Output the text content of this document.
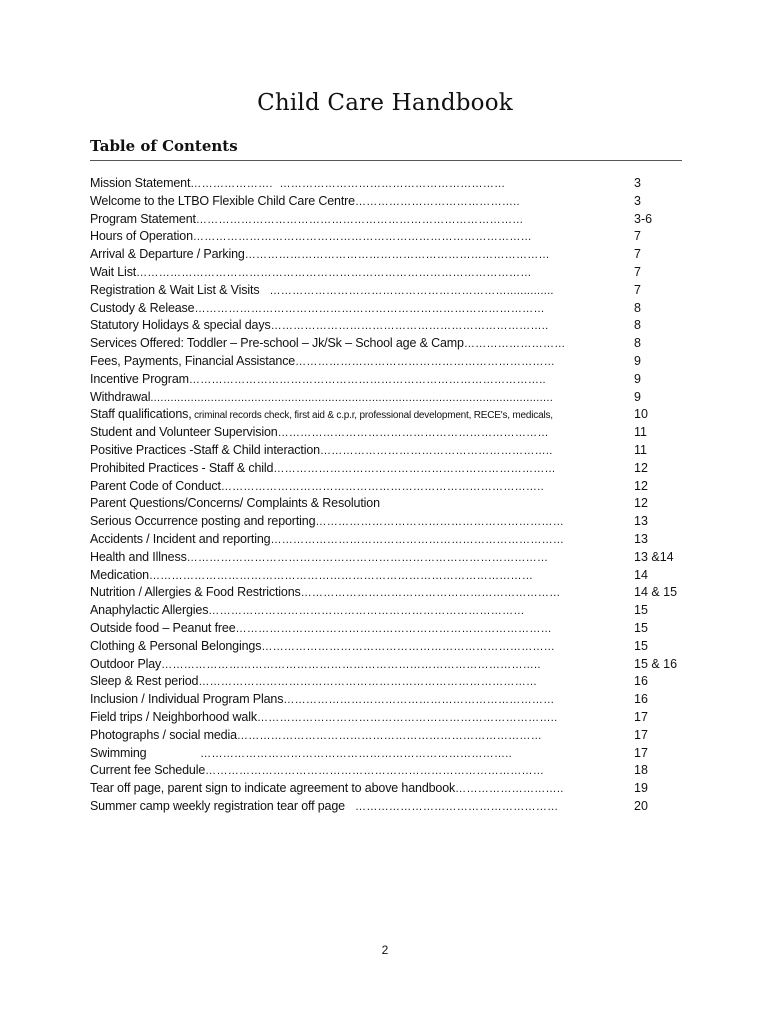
Child Care Handbook
Table of Contents
Mission Statement………………….  ……………………………………………………	3
Welcome to the LTBO Flexible Child Care Centre……………………………………..	3
Program Statement……………………………………………………………………………	3-6
Hours of Operation………………………………………………………………………………	7
Arrival & Departure / Parking………………………………………………………………………	7
Wait List……………………………………………………………………………………………	7
Registration & Wait List & Visits   ………………………………………………………..............	7
Custody & Release…………………………………………………………………………………	8
Statutory Holidays & special days………………………………………………………………..	8
Services Offered: Toddler – Pre-school – Jk/Sk – School age & Camp………………………	8
Fees, Payments, Financial Assistance……………………………………………………………	9
Incentive Program…………………………………………………………………………………..	9
Withdrawal........................................................................................................................	9
Staff qualifications, criminal records check, first aid & c.p.r, professional development, RECE's, medicals,	10
Student and Volunteer Supervision………………………………………………………………	11
Positive Practices -Staff & Child interaction……………………………………………………..	11
Prohibited Practices - Staff & child…………………………………………………………………	12
Parent Code of Conduct…………………………………………………………………………..	12
Parent Questions/Concerns/ Complaints & Resolution	12
Serious Occurrence posting and reporting…………………………………………………………	13
Accidents / Incident and reporting……………………………………………………………………	13
Health and Illness……………………………………………………………………………………	13 &14
Medication…………………………………………………………………………………………	14
Nutrition / Allergies & Food Restrictions……………………………………………………………	14 & 15
Anaphylactic Allergies…………………………………………………………………………	15
Outside food – Peanut free…………………………………………………………………………	15
Clothing & Personal Belongings……………………………………………………………………	15
Outdoor Play………………………………………………………………………………………..	15 & 16
Sleep & Rest period………………………………………………………………………………	16
Inclusion / Individual Program Plans………………………………………………………………	16
Field trips / Neighborhood walk……………………………………………………………………..	17
Photographs / social media………………………………………………………………………	17
Swimming                ………………………………………………………………………..	17
Current fee Schedule………………………………………………………………………………	18
Tear off page, parent sign to indicate agreement to above handbook………………………..	19
Summer camp weekly registration tear off page   ………………………………………………	20
2
